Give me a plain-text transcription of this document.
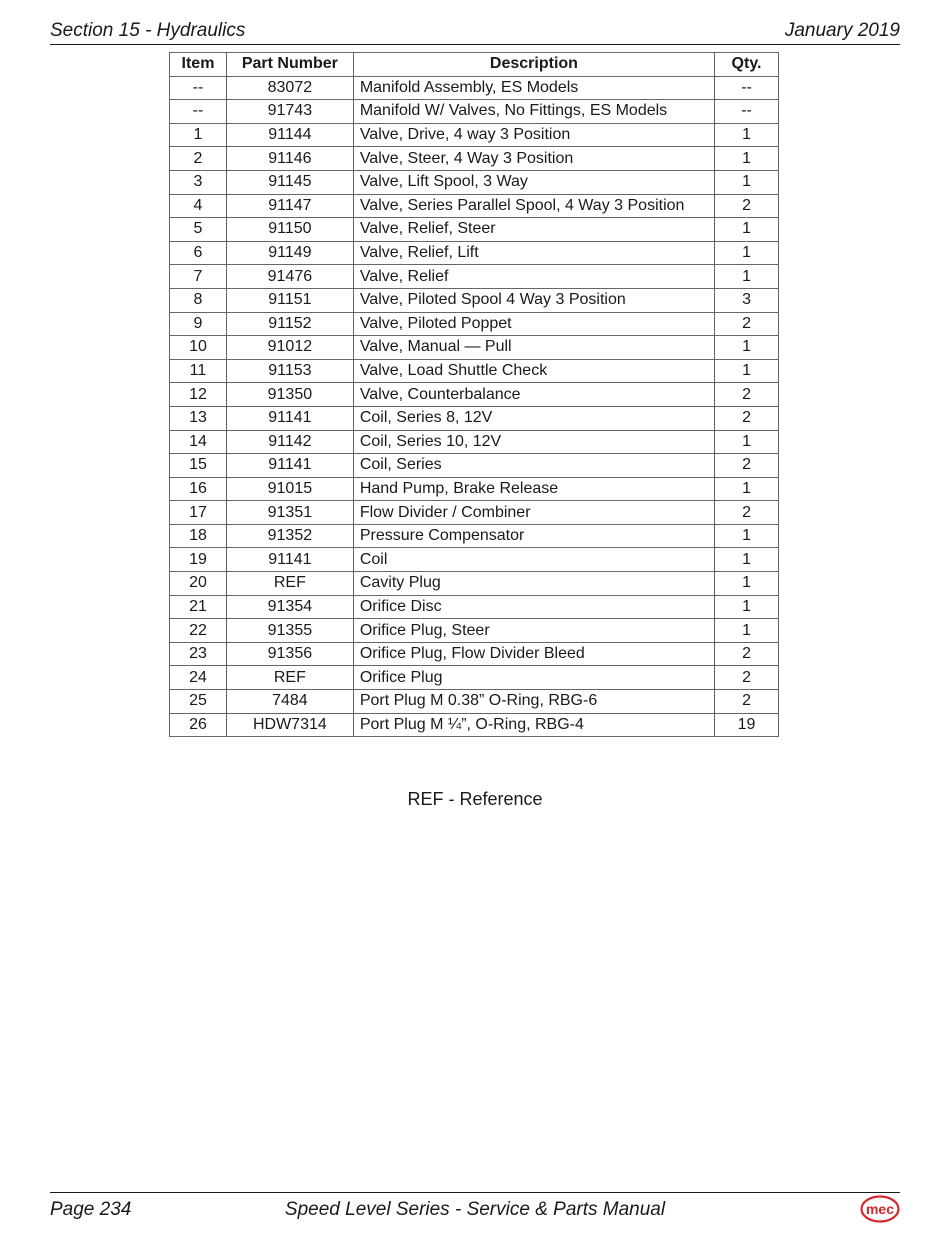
Section 15 - Hydraulics	January 2019
Item	Part Number	Description	Qty.
--	83072	Manifold Assembly, ES Models	--
--	91743	Manifold W/ Valves, No Fittings, ES Models	--
1	91144	Valve, Drive, 4 way 3 Position	1
2	91146	Valve, Steer, 4 Way 3 Position	1
3	91145	Valve, Lift Spool, 3 Way	1
4	91147	Valve, Series Parallel Spool, 4 Way 3 Position	2
5	91150	Valve, Relief, Steer	1
6	91149	Valve, Relief, Lift	1
7	91476	Valve, Relief	1
8	91151	Valve, Piloted Spool 4 Way 3 Position	3
9	91152	Valve, Piloted Poppet	2
10	91012	Valve, Manual — Pull	1
11	91153	Valve, Load Shuttle Check	1
12	91350	Valve, Counterbalance	2
13	91141	Coil, Series 8, 12V	2
14	91142	Coil, Series 10, 12V	1
15	91141	Coil, Series	2
16	91015	Hand Pump, Brake Release	1
17	91351	Flow Divider / Combiner	2
18	91352	Pressure Compensator	1
19	91141	Coil	1
20	REF	Cavity Plug	1
21	91354	Orifice Disc	1
22	91355	Orifice Plug, Steer	1
23	91356	Orifice Plug, Flow Divider Bleed	2
24	REF	Orifice Plug	2
25	7484	Port Plug M 0.38” O-Ring, RBG-6	2
26	HDW7314	Port Plug M ¼”, O-Ring, RBG-4	19
REF - Reference
Page 234	Speed Level Series - Service & Parts Manual	mec
